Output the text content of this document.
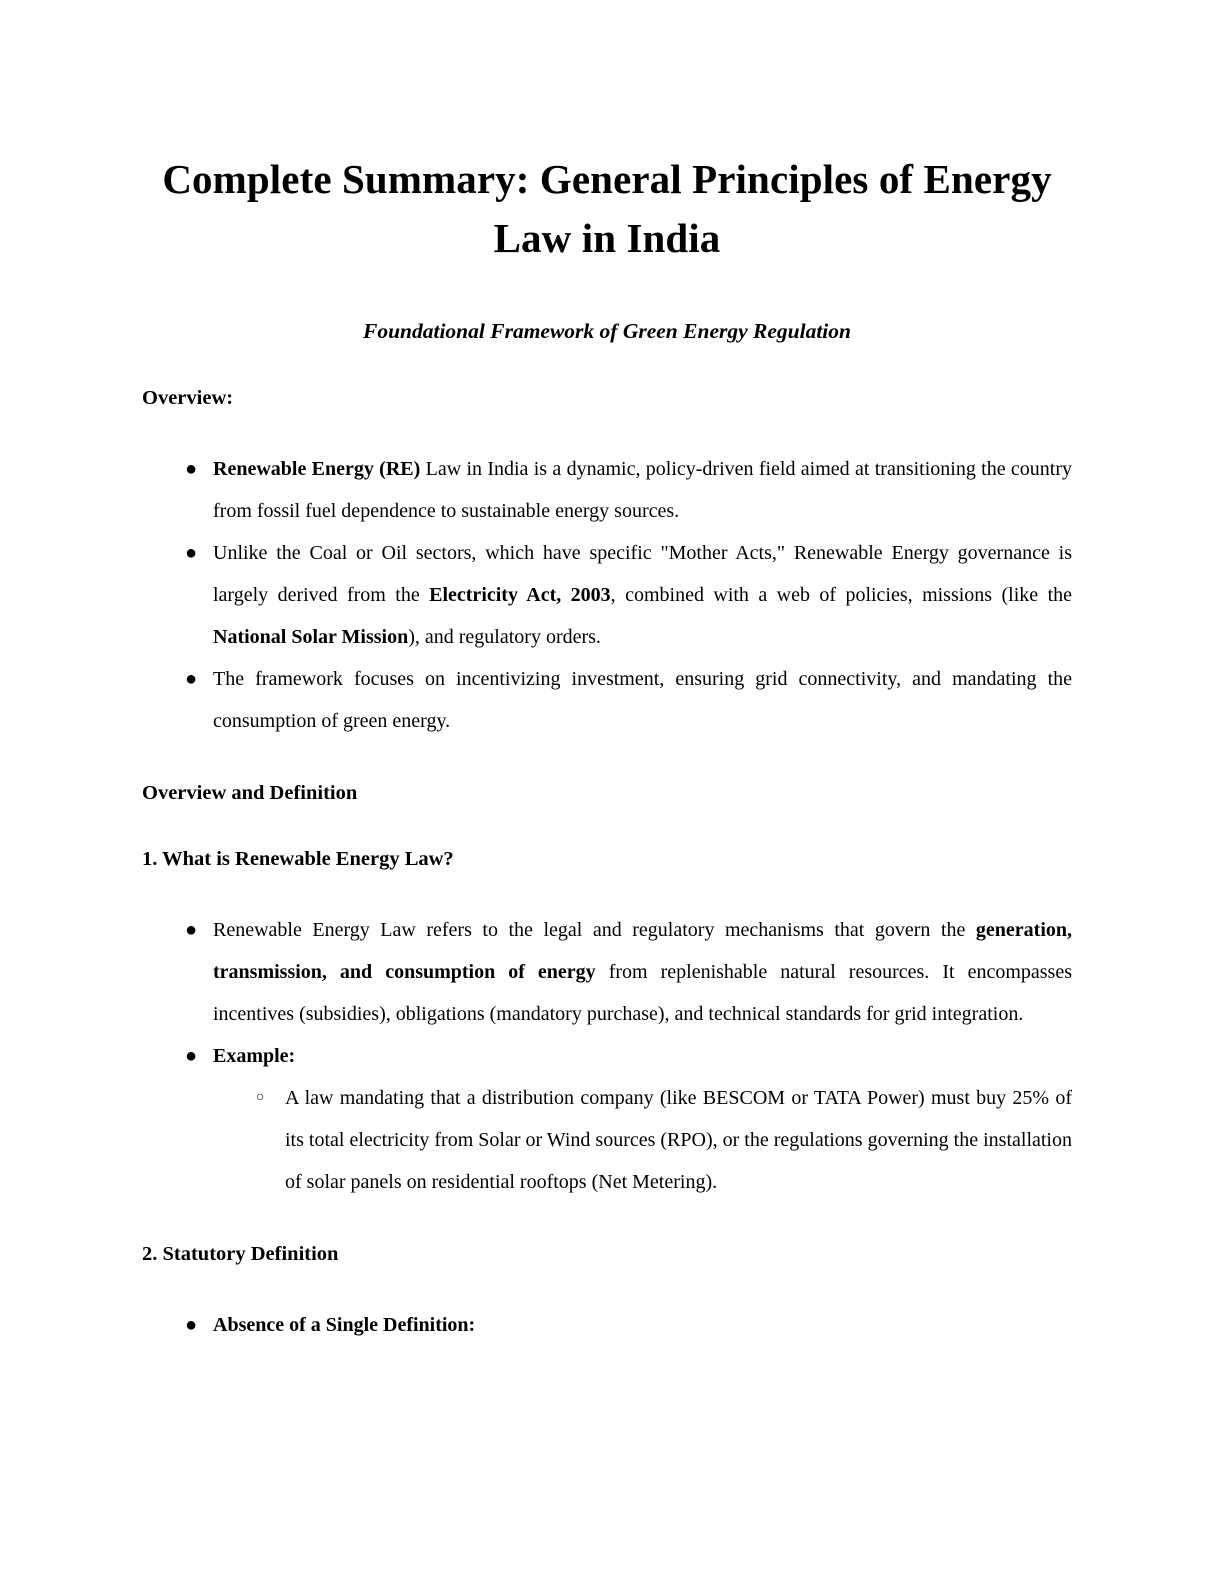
Complete Summary: General Principles of Energy Law in India

Foundational Framework of Green Energy Regulation

Overview:
● Renewable Energy (RE) Law in India is a dynamic, policy-driven field aimed at transitioning the country from fossil fuel dependence to sustainable energy sources.
● Unlike the Coal or Oil sectors, which have specific "Mother Acts," Renewable Energy governance is largely derived from the Electricity Act, 2003, combined with a web of policies, missions (like the National Solar Mission), and regulatory orders.
● The framework focuses on incentivizing investment, ensuring grid connectivity, and mandating the consumption of green energy.
Overview and Definition
1. What is Renewable Energy Law?
● Renewable Energy Law refers to the legal and regulatory mechanisms that govern the generation, transmission, and consumption of energy from replenishable natural resources. It encompasses incentives (subsidies), obligations (mandatory purchase), and technical standards for grid integration.
● Example:
○ A law mandating that a distribution company (like BESCOM or TATA Power) must buy 25% of its total electricity from Solar or Wind sources (RPO), or the regulations governing the installation of solar panels on residential rooftops (Net Metering).
2. Statutory Definition
● Absence of a Single Definition:
